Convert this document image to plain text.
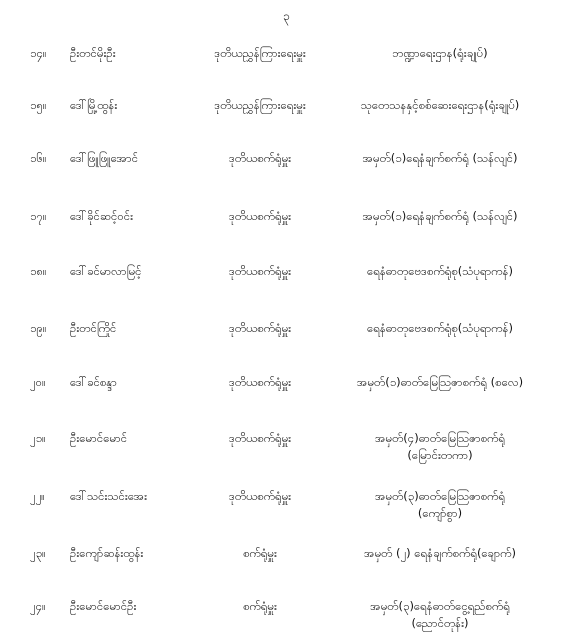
၃
၁၄။	ဦးတင်မိုးဦး	ဒုတိယညွှန်ကြားရေးမှူး	ဘဏ္ဍာရေးဌာန(ရုံးချုပ်)
၁၅။	ဒေါ်မြို့ထွန်း	ဒုတိယညွှန်ကြားရေးမှူး	သုတေသနနှင့်စစ်ဆေးရေးဌာန(ရုံးချုပ်)
၁၆။	ဒေါ်ဖြူဖြူအောင်	ဒုတိယစက်ရုံမှူး	အမှတ်(၁)ရေနံချက်စက်ရုံ (သန်လျင်)
၁၇။	ဒေါ်ခိုင်ဆင့်ဝင်း	ဒုတိယစက်ရုံမှူး	အမှတ်(၁)ရေနံချက်စက်ရုံ (သန်လျင်)
၁၈။	ဒေါ်ခင်မာလာမြင့်	ဒုတိယစက်ရုံမှူး	ရေနံဓာတုဗေဒစက်ရုံစု(သံပုရာကန်)
၁၉။	ဦးတင်ကြိုင်	ဒုတိယစက်ရုံမှူး	ရေနံဓာတုဗေဒစက်ရုံစု(သံပုရာကန်)
၂၀။	ဒေါ်ခင်စန္ဒာ	ဒုတိယစက်ရုံမှူး	အမှတ်(၁)ဓာတ်မြေဩဇာစက်ရုံ (စလေ)
၂၁။	ဦးမောင်မောင်	ဒုတိယစက်ရုံမှူး	အမှတ်(၄)ဓာတ်မြေဩဇာစက်ရုံ
(မြောင်းတကာ)
၂၂။	ဒေါ်သင်းသင်းအေး	ဒုတိယစက်ရုံမှူး	အမှတ်(၃)ဓာတ်မြေဩဇာစက်ရုံ
(ကျော်စွာ)
၂၃။	ဦးကျော်ဆန်းထွန်း	စက်ရုံမှူး	အမှတ် (၂) ရေနံချက်စက်ရုံ(ချောက်)
၂၄။	ဦးမောင်မောင်ဦး	စက်ရုံမှူး	အမှတ်(၃)ရေနံဓာတ်ငွေ့ရည်စက်ရုံ
(ညောင်တုန်း)
